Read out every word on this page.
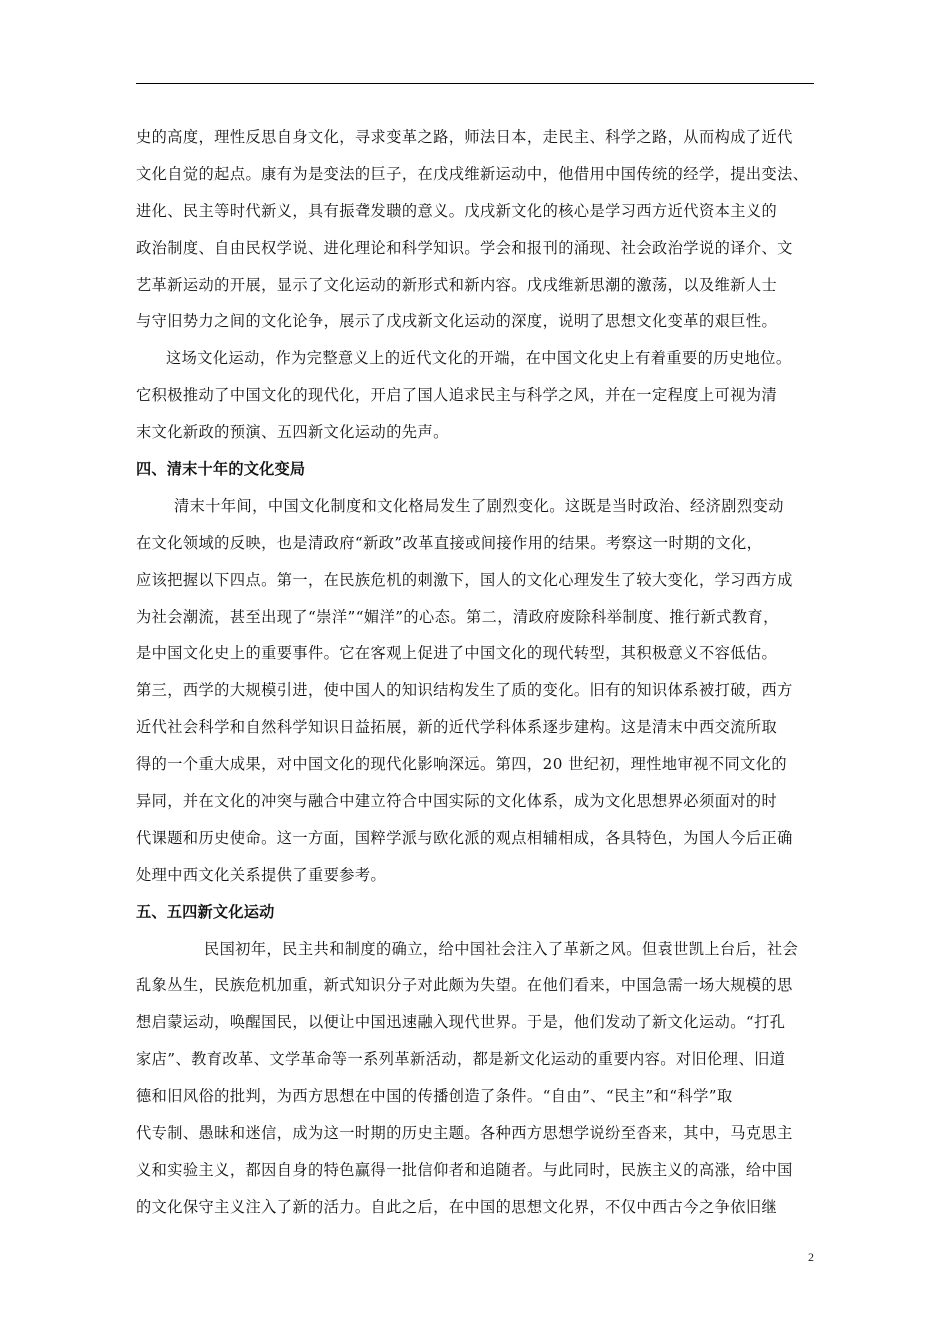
史的高度，理性反思自身文化，寻求变革之路，师法日本，走民主、科学之路，从而构成了近代
文化自觉的起点。康有为是变法的巨子，在戊戌维新运动中，他借用中国传统的经学，提出变法、
进化、民主等时代新义，具有振聋发聩的意义。戊戌新文化的核心是学习西方近代资本主义的
政治制度、自由民权学说、进化理论和科学知识。学会和报刊的涌现、社会政治学说的译介、文
艺革新运动的开展，显示了文化运动的新形式和新内容。戊戌维新思潮的激荡，以及维新人士
与守旧势力之间的文化论争，展示了戊戌新文化运动的深度，说明了思想文化变革的艰巨性。
这场文化运动，作为完整意义上的近代文化的开端，在中国文化史上有着重要的历史地位。
它积极推动了中国文化的现代化，开启了国人追求民主与科学之风，并在一定程度上可视为清
末文化新政的预演、五四新文化运动的先声。
四、清末十年的文化变局
清末十年间，中国文化制度和文化格局发生了剧烈变化。这既是当时政治、经济剧烈变动
在文化领域的反映，也是清政府“新政”改革直接或间接作用的结果。考察这一时期的文化，
应该把握以下四点。第一，在民族危机的刺激下，国人的文化心理发生了较大变化，学习西方成
为社会潮流，甚至出现了“崇洋”“媚洋”的心态。第二，清政府废除科举制度、推行新式教育，
是中国文化史上的重要事件。它在客观上促进了中国文化的现代转型，其积极意义不容低估。
第三，西学的大规模引进，使中国人的知识结构发生了质的变化。旧有的知识体系被打破，西方
近代社会科学和自然科学知识日益拓展，新的近代学科体系逐步建构。这是清末中西交流所取
得的一个重大成果，对中国文化的现代化影响深远。第四，20 世纪初，理性地审视不同文化的
异同，并在文化的冲突与融合中建立符合中国实际的文化体系，成为文化思想界必须面对的时
代课题和历史使命。这一方面，国粹学派与欧化派的观点相辅相成，各具特色，为国人今后正确
处理中西文化关系提供了重要参考。
五、五四新文化运动
民国初年，民主共和制度的确立，给中国社会注入了革新之风。但袁世凯上台后，社会
乱象丛生，民族危机加重，新式知识分子对此颇为失望。在他们看来，中国急需一场大规模的思
想启蒙运动，唤醒国民，以便让中国迅速融入现代世界。于是，他们发动了新文化运动。“打孔
家店”、教育改革、文学革命等一系列革新活动，都是新文化运动的重要内容。对旧伦理、旧道
德和旧风俗的批判，为西方思想在中国的传播创造了条件。“自由”、“民主”和“科学”取
代专制、愚昧和迷信，成为这一时期的历史主题。各种西方思想学说纷至沓来，其中，马克思主
义和实验主义，都因自身的特色赢得一批信仰者和追随者。与此同时，民族主义的高涨，给中国
的文化保守主义注入了新的活力。自此之后，在中国的思想文化界，不仅中西古今之争依旧继
2
